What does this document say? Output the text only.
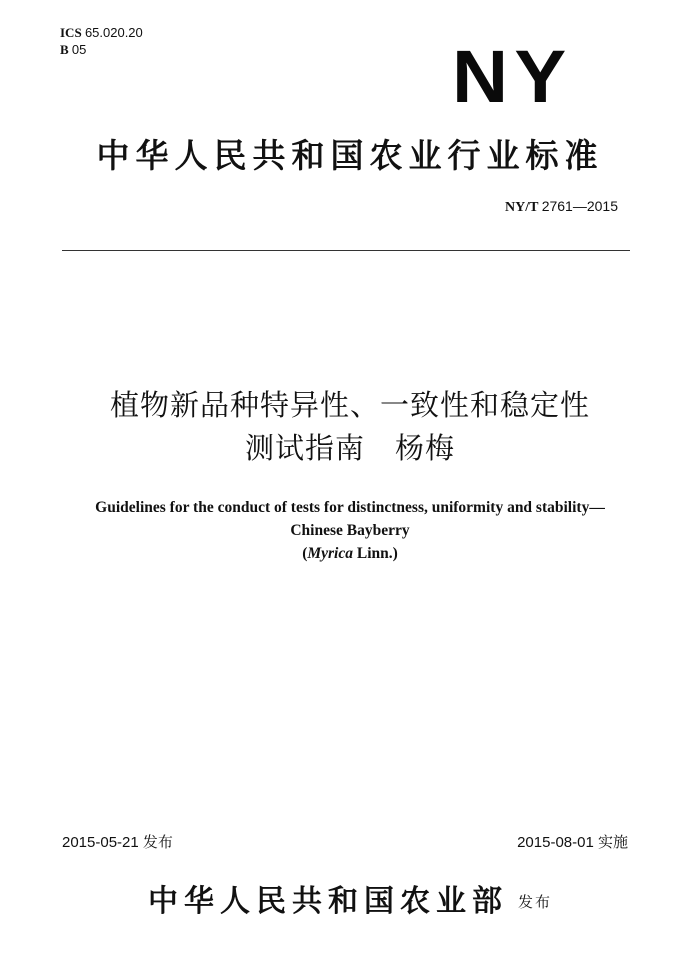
ICS 65.020.20
B 05	NY
中华人民共和国农业行业标准
NY/T 2761—2015
植物新品种特异性、一致性和稳定性
测试指南　杨梅
Guidelines for the conduct of tests for distinctness, uniformity and stability—
Chinese Bayberry
(Myrica Linn.)
2015-05-21 发布	2015-08-01 实施
中华人民共和国农业部 发布
